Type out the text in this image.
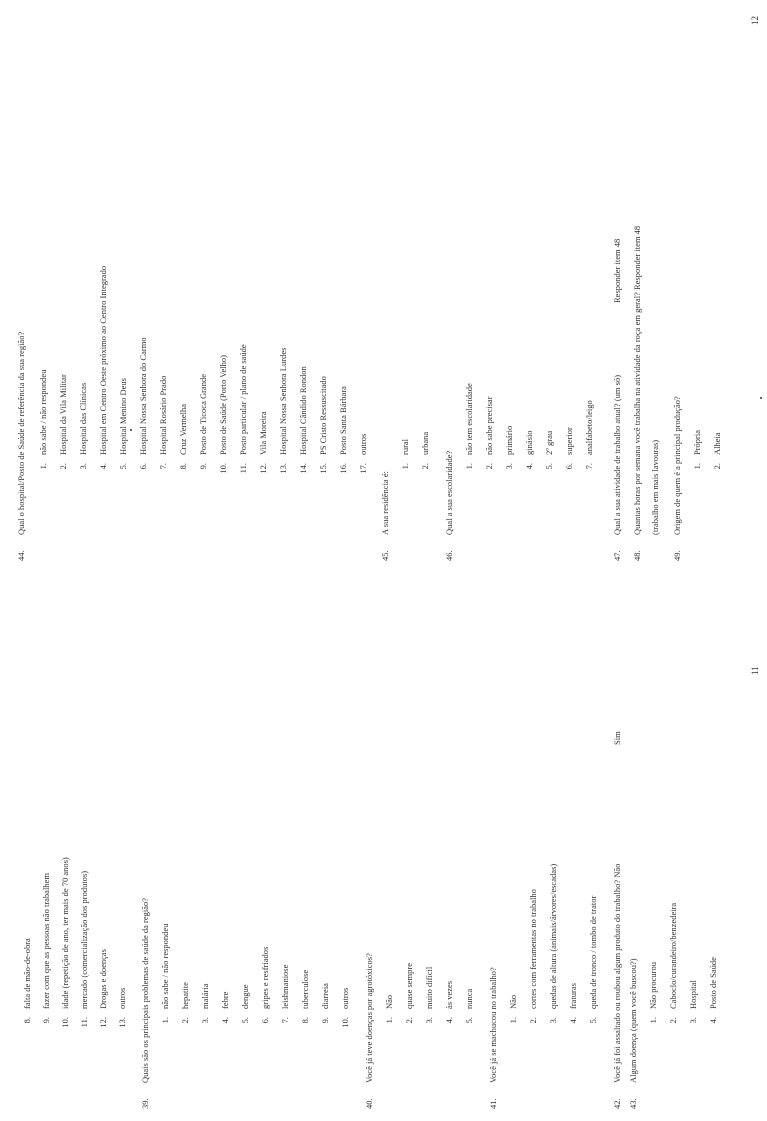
8.falta de mão-de-obra
9.fazer com que as pessoas não trabalhem
10.idade (repetição de ano, ter mais de 70 anos)
11.mercado (comercialização dos produtos)
12.Drogas e doenças
13.outros
39.Quais são os principais problemas de saúde da região? 1.não sabe / não respondeu
2.hepatite
3.malária
4.febre
5.dengue
6.gripes e resfriados
7.leishmaniose
8.tuberculose
9.diarreia
10.outros
40.Você já teve doenças por agrotóxicos? 1.Não
2.quase sempre
3.muito difícil
4.às vezes
5.nunca
41.Você já se machucou no trabalho? 1.Não
2.cortes com ferramentas no trabalho
3.quedas de altura (animais/árvores/escadas)
4.fraturas
5.queda de tronco / tombo de trator
42.Você já foi assaltado ou roubou algum produto do trabalho? Não
Sim
43.Algum doença (quem você buscou?) 1.Não procurou
2.Caboclo/curandeiro/benzedeira
3.Hospital
4.Posto de Saúde
44.Qual o hospital/Posto de Saúde de referência da sua região? 1.não sabe / não respondeu
2.Hospital da Vila Militar
3.Hospital das Clínicas
4.Hospital em Centro Oeste próximo ao Centro Integrado
5.Hospital Menino Deus
6.Hospital Nossa Senhora do Carmo
7.Hospital Rosário Prado
8.Cruz Vermelha
9.Posto de Ticoca Grande
10.Posto de Saúde (Porto Velho)
11.Posto particular / plano de saúde
12.Vila Moreira
13.Hospital Nossa Senhora Lurdes
14.Hospital Cândido Rondon
15.PS Cristo Ressuscitado
16.Posto Santa Bárbara
17.outros
45.A sua residência é:
1.rural
2.urbana
46.Qual a sua escolaridade? 1.não tem escolaridade
2.não sabe precisar
3.primário
4.ginásio
5.2º grau
6.superior
7.analfabeto/leigo
47.Qual a sua atividade de trabalho atual? (um só)
Responder item 48
48.Quantas horas por semana você trabalha na atividade da roça em geral? Responder item 48 (trabalho em mais lavouras)
49.Origem de quem é a principal produção? 1.Própria
2.Alheia
11
12
